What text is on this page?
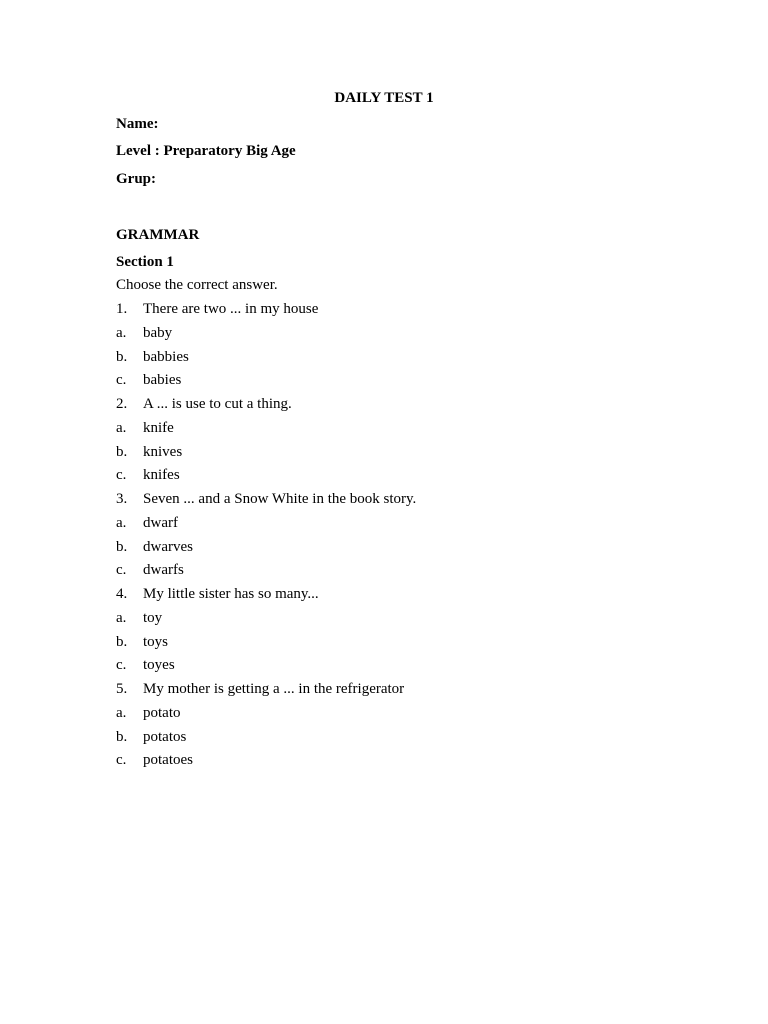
DAILY TEST 1
Name:
Level : Preparatory Big Age
Grup:
GRAMMAR
Section 1
Choose the correct answer.
1. There are two ... in my house
a. baby
b. babbies
c. babies
2. A ... is use to cut a thing.
a. knife
b. knives
c. knifes
3. Seven ... and a Snow White in the book story.
a. dwarf
b. dwarves
c. dwarfs
4. My little sister has so many...
a. toy
b. toys
c. toyes
5. My mother is getting a ... in the refrigerator
a. potato
b. potatos
c. potatoes
